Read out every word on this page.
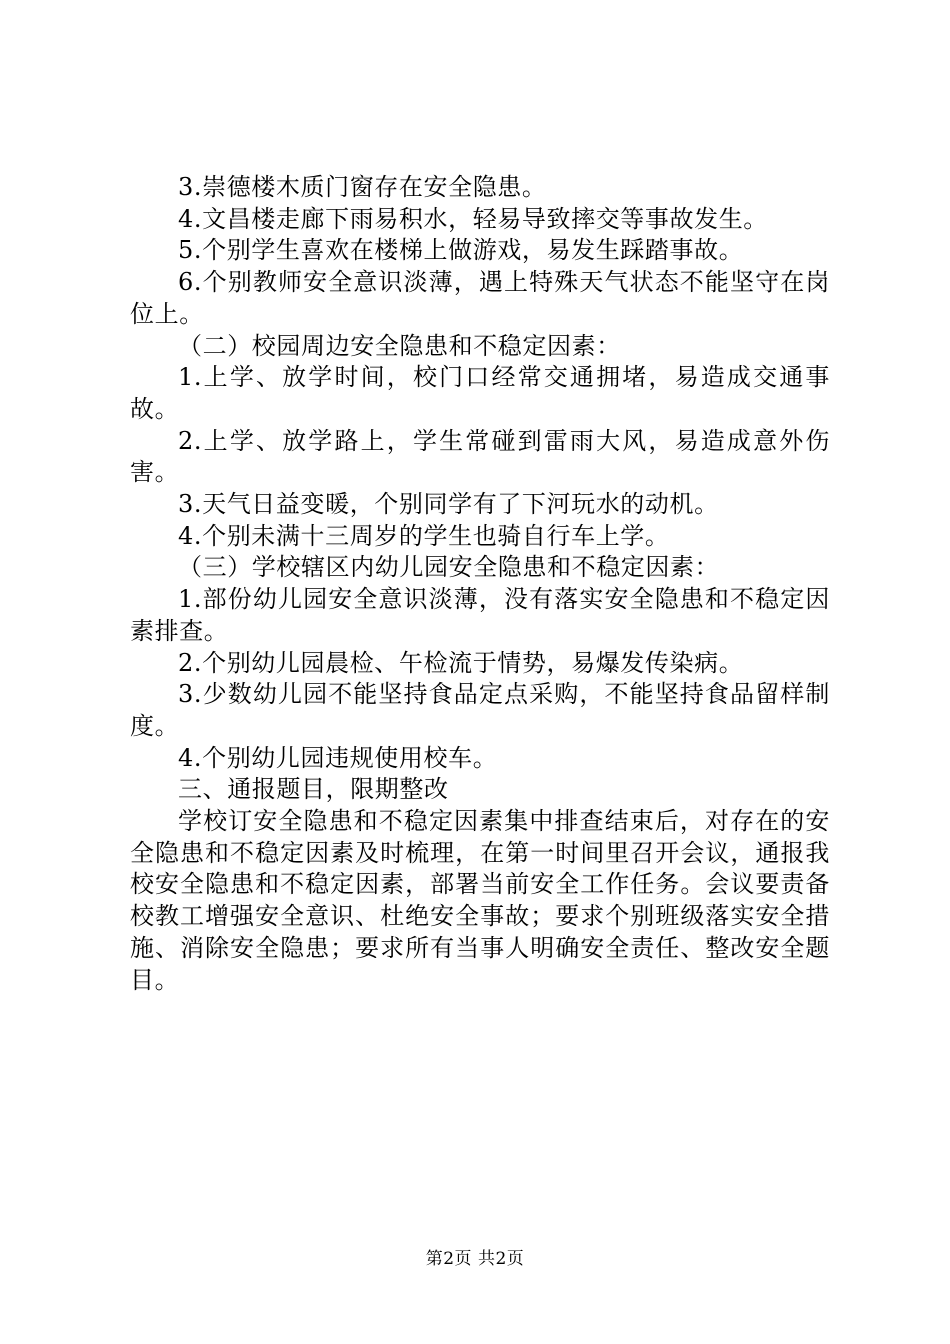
3.崇德楼木质门窗存在安全隐患。

4.文昌楼走廊下雨易积水，轻易导致摔交等事故发生。

5.个别学生喜欢在楼梯上做游戏，易发生踩踏事故。

6.个别教师安全意识淡薄，遇上特殊天气状态不能坚守在岗位上。

（二）校园周边安全隐患和不稳定因素：

1.上学、放学时间，校门口经常交通拥堵，易造成交通事故。

2.上学、放学路上，学生常碰到雷雨大风，易造成意外伤害。

3.天气日益变暖，个别同学有了下河玩水的动机。

4.个别未满十三周岁的学生也骑自行车上学。

（三）学校辖区内幼儿园安全隐患和不稳定因素：

1.部份幼儿园安全意识淡薄，没有落实安全隐患和不稳定因素排查。

2.个别幼儿园晨检、午检流于情势，易爆发传染病。

3.少数幼儿园不能坚持食品定点采购，不能坚持食品留样制度。

4.个别幼儿园违规使用校车。

三、通报题目，限期整改

学校订安全隐患和不稳定因素集中排查结束后，对存在的安全隐患和不稳定因素及时梳理，在第一时间里召开会议，通报我校安全隐患和不稳定因素，部署当前安全工作任务。会议要责备校教工增强安全意识、杜绝安全事故；要求个别班级落实安全措施、消除安全隐患；要求所有当事人明确安全责任、整改安全题目。

第2页 共2页
